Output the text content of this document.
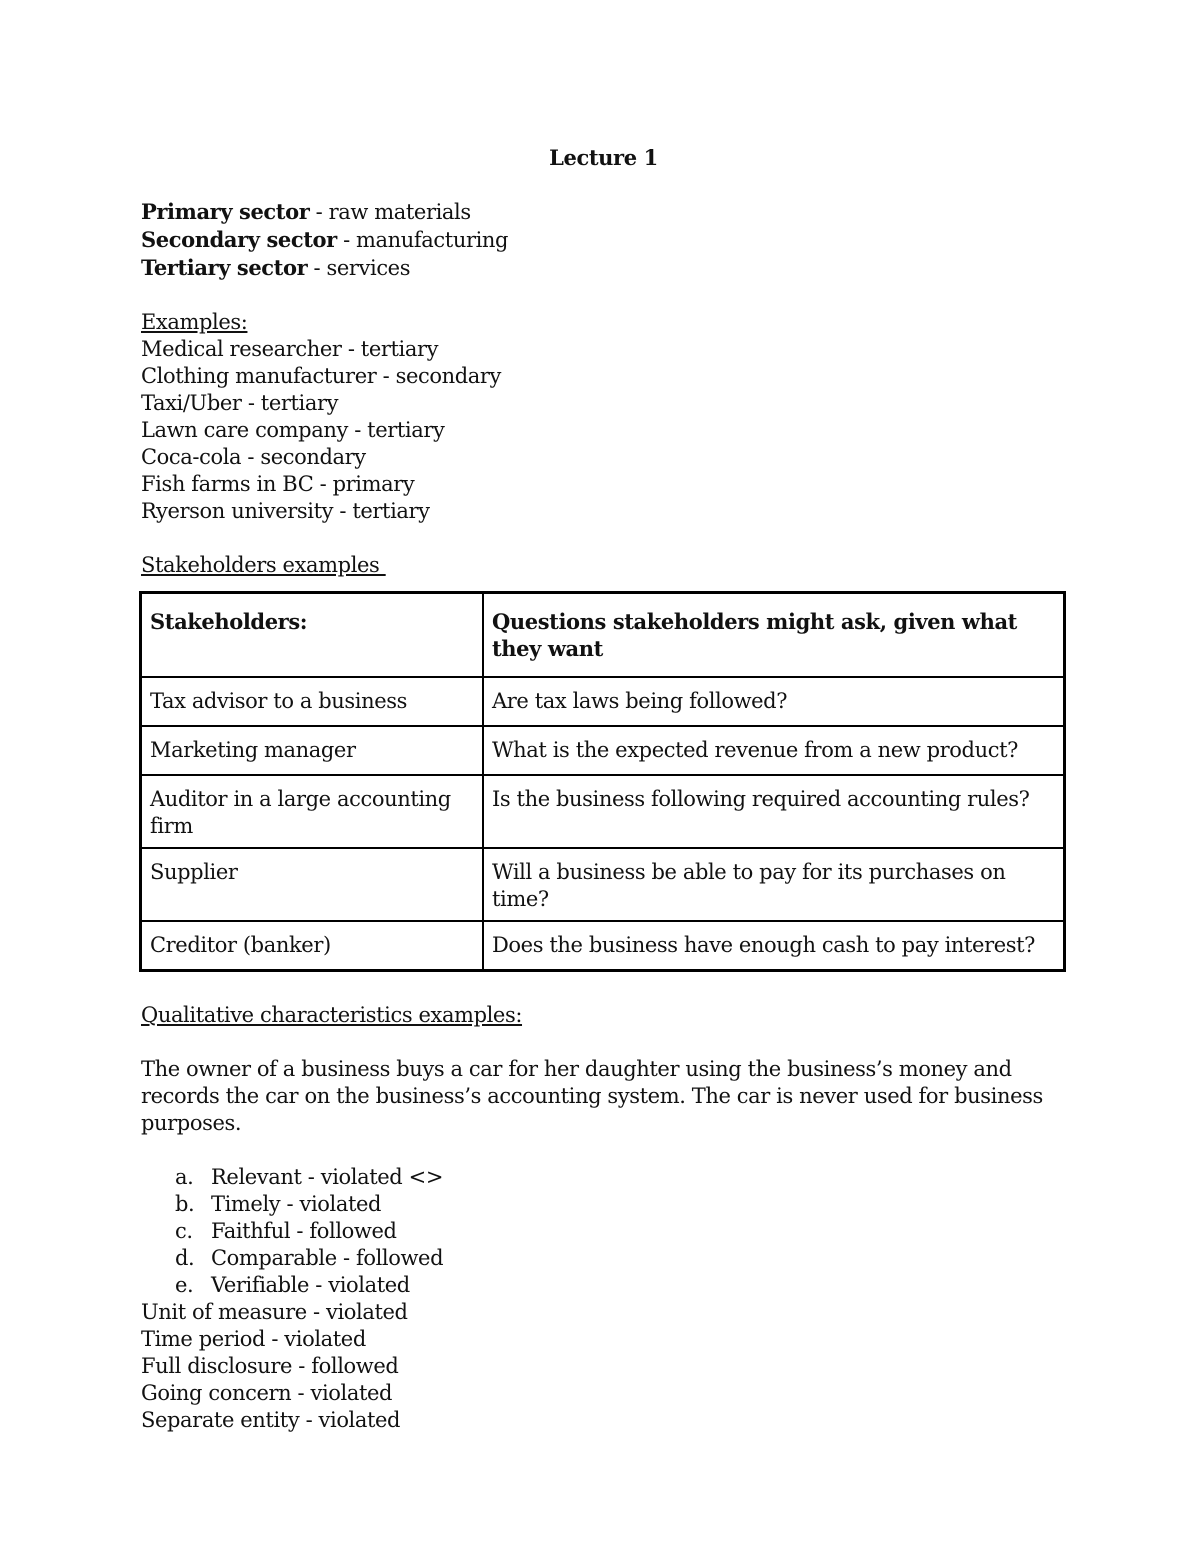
Lecture 1
Primary sector - raw materials
Secondary sector - manufacturing
Tertiary sector - services
Examples:
Medical researcher - tertiary
Clothing manufacturer - secondary
Taxi/Uber - tertiary
Lawn care company - tertiary
Coca-cola - secondary
Fish farms in BC - primary
Ryerson university - tertiary
Stakeholders examples
Stakeholders:	Questions stakeholders might ask, given what they want
Tax advisor to a business	Are tax laws being followed?
Marketing manager	What is the expected revenue from a new product?
Auditor in a large accounting firm	Is the business following required accounting rules?
Supplier	Will a business be able to pay for its purchases on time?
Creditor (banker)	Does the business have enough cash to pay interest?
Qualitative characteristics examples:
The owner of a business buys a car for her daughter using the business’s money and records the car on the business’s accounting system. The car is never used for business purposes.
a. Relevant - violated <>
b. Timely - violated
c. Faithful - followed
d. Comparable - followed
e. Verifiable - violated
Unit of measure - violated
Time period - violated
Full disclosure - followed
Going concern - violated
Separate entity - violated
